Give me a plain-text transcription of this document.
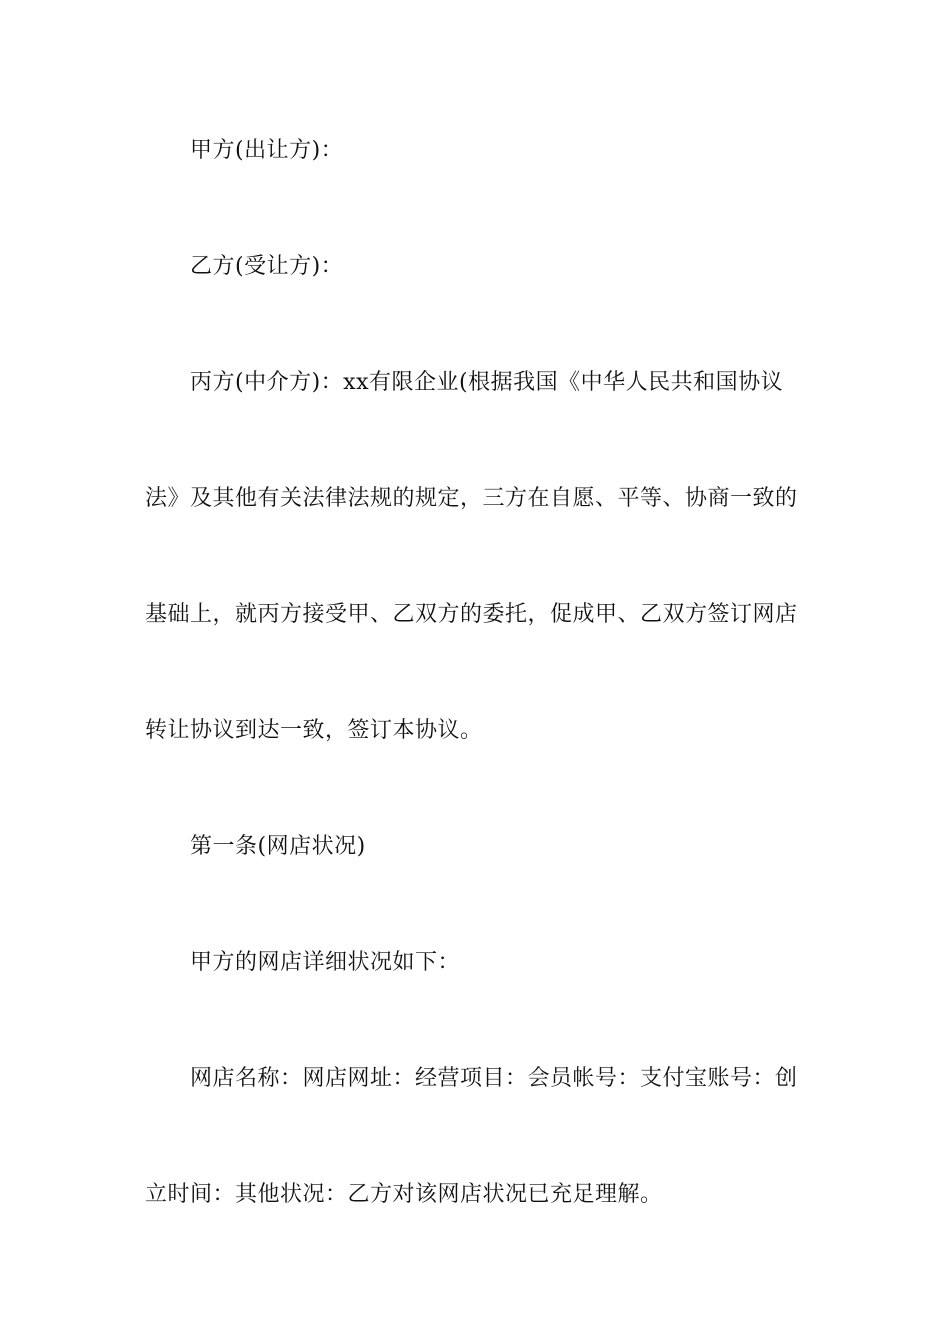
甲方(出让方)：
乙方(受让方)：
丙方(中介方)：xx有限企业(根据我国《中华人民共和国协议
法》及其他有关法律法规的规定，三方在自愿、平等、协商一致的
基础上，就丙方接受甲、乙双方的委托，促成甲、乙双方签订网店
转让协议到达一致，签订本协议。
第一条(网店状况)
甲方的网店详细状况如下：
网店名称：网店网址：经营项目：会员帐号：支付宝账号：创
立时间：其他状况：乙方对该网店状况已充足理解。
